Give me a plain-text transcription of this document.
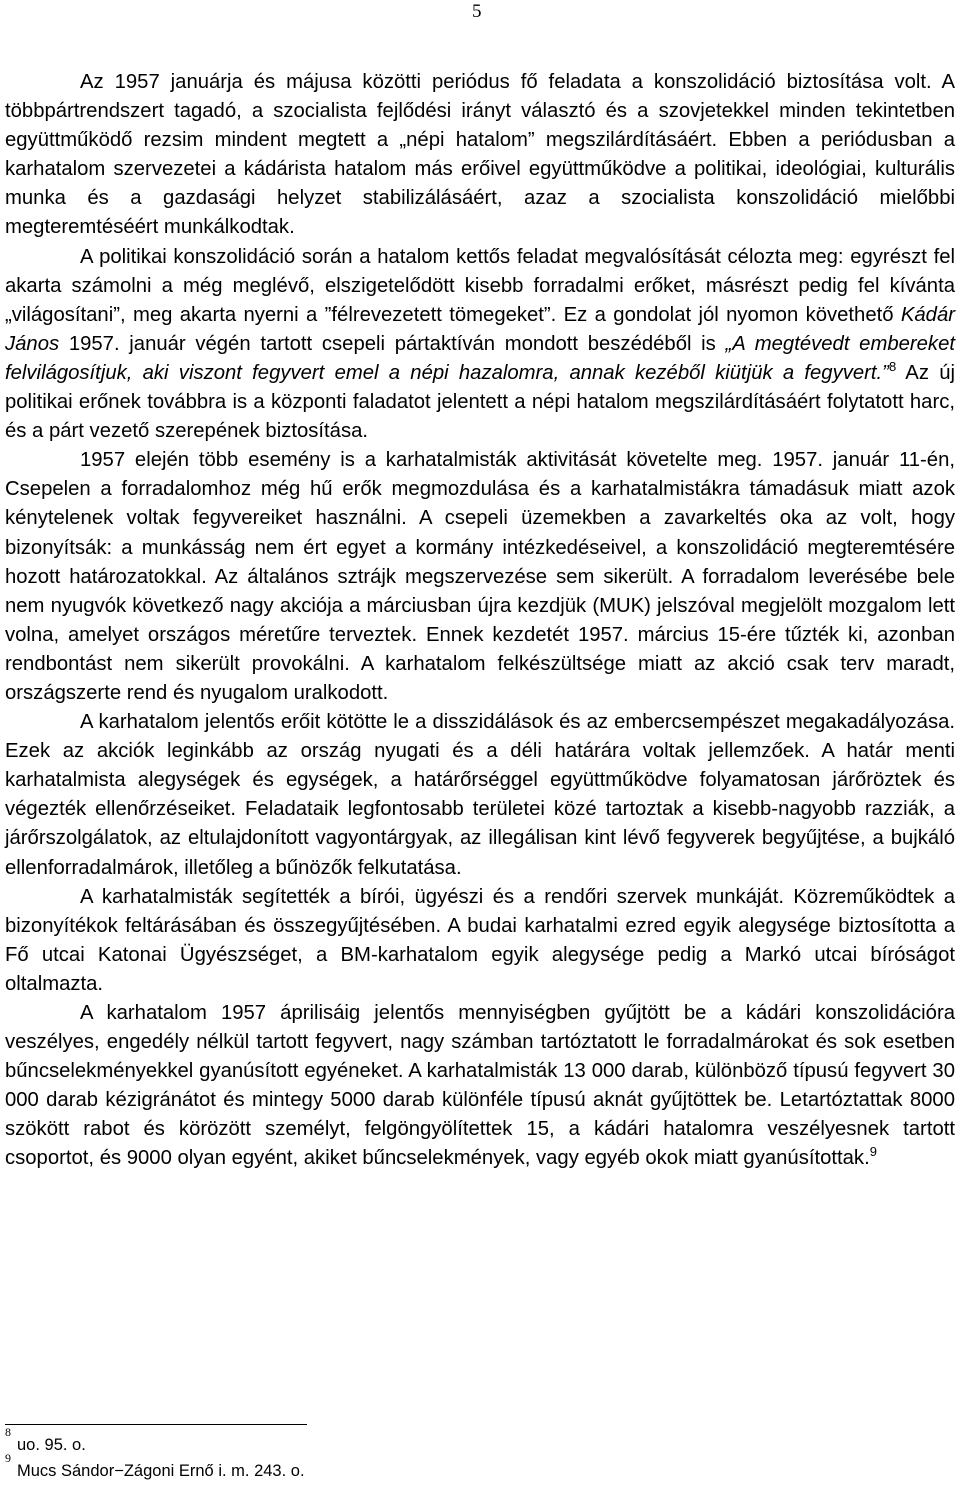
5

Az 1957 januárja és májusa közötti periódus fő feladata a konszolidáció biztosítása volt. A többpártrendszert tagadó, a szocialista fejlődési irányt választó és a szovjetekkel minden tekintetben együttműködő rezsim mindent megtett a „népi hatalom” megszilárdításáért. Ebben a periódusban a karhatalom szervezetei a kádárista hatalom más erőivel együttműködve a politikai, ideológiai, kulturális munka és a gazdasági helyzet stabilizálásáért, azaz a szocialista konszolidáció mielőbbi megteremtéséért munkálkodtak.

A politikai konszolidáció során a hatalom kettős feladat megvalósítását célozta meg: egyrészt fel akarta számolni a még meglévő, elszigetelődött kisebb forradalmi erőket, másrészt pedig fel kívánta „világosítani”, meg akarta nyerni a ”félrevezetett tömegeket”. Ez a gondolat jól nyomon követhető Kádár János 1957. január végén tartott csepeli pártaktíván mondott beszédéből is „A megtévedt embereket felvilágosítjuk, aki viszont fegyvert emel a népi hazalomra, annak kezéből kiütjük a fegyvert.”$^8$ Az új politikai erőnek továbbra is a központi faladatot jelentett a népi hatalom megszilárdításáért folytatott harc, és a párt vezető szerepének biztosítása.

1957 elején több esemény is a karhatalmisták aktivitását követelte meg. 1957. január 11-én, Csepelen a forradalomhoz még hű erők megmozdulása és a karhatalmistákra támadásuk miatt azok kénytelenek voltak fegyvereiket használni. A csepeli üzemekben a zavarkeltés oka az volt, hogy bizonyítsák: a munkásság nem ért egyet a kormány intézkedéseivel, a konszolidáció megteremtésére hozott határozatokkal. Az általános sztrájk megszervezése sem sikerült. A forradalom leverésébe bele nem nyugvók következő nagy akciója a márciusban újra kezdjük (MUK) jelszóval megjelölt mozgalom lett volna, amelyet országos méretűre terveztek. Ennek kezdetét 1957. március 15-ére tűzték ki, azonban rendbontást nem sikerült provokálni. A karhatalom felkészültsége miatt az akció csak terv maradt, országszerte rend és nyugalom uralkodott.

A karhatalom jelentős erőit kötötte le a disszidálások és az embercsempészet megakadályozása. Ezek az akciók leginkább az ország nyugati és a déli határára voltak jellemzőek. A határ menti karhatalmista alegységek és egységek, a határőrséggel együttműködve folyamatosan járőröztek és végezték ellenőrzéseiket. Feladataik legfontosabb területei közé tartoztak a kisebb-nagyobb razziák, a járőrszolgálatok, az eltulajdonított vagyontárgyak, az illegálisan kint lévő fegyverek begyűjtése, a bujkáló ellenforradalmárok, illetőleg a bűnözők felkutatása.

A karhatalmisták segítették a bírói, ügyészi és a rendőri szervek munkáját. Közreműködtek a bizonyítékok feltárásában és összegyűjtésében. A budai karhatalmi ezred egyik alegysége biztosította a Fő utcai Katonai Ügyészséget, a BM-karhatalom egyik alegysége pedig a Markó utcai bíróságot oltalmazta.

A karhatalom 1957 áprilisáig jelentős mennyiségben gyűjtött be a kádári konszolidációra veszélyes, engedély nélkül tartott fegyvert, nagy számban tartóztatott le forradalmárokat és sok esetben bűncselekményekkel gyanúsított egyéneket. A karhatalmisták 13 000 darab, különböző típusú fegyvert 30 000 darab kézigránátot és mintegy 5000 darab különféle típusú aknát gyűjtöttek be. Letartóztattak 8000 szökött rabot és körözött személyt, felgöngyölítettek 15, a kádári hatalomra veszélyesnek tartott csoportot, és 9000 olyan egyént, akiket bűncselekmények, vagy egyéb okok miatt gyanúsítottak.$^9$

8
uo. 95. o.
9
Mucs Sándor−Zágoni Ernő i. m. 243. o.
